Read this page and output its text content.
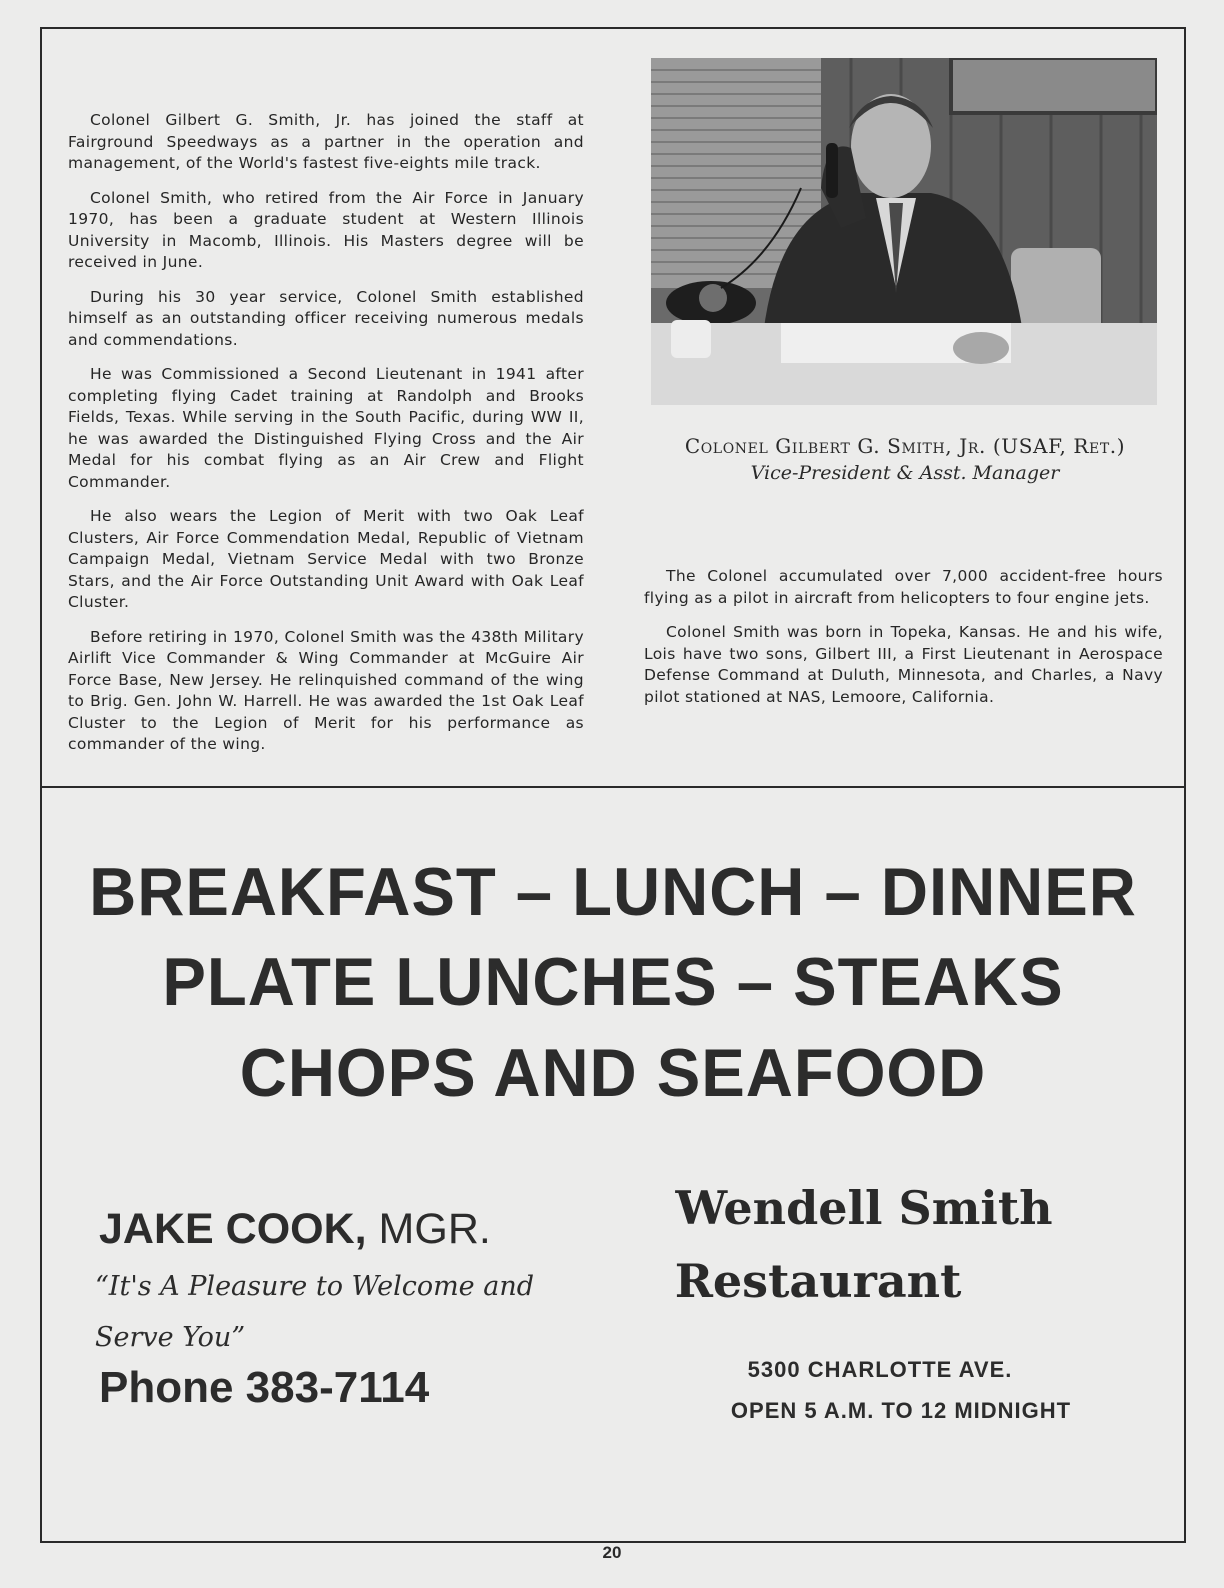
Colonel Gilbert G. Smith, Jr. has joined the staff at Fairground Speedways as a partner in the operation and management, of the World's fastest five-eights mile track.

Colonel Smith, who retired from the Air Force in January 1970, has been a graduate student at Western Illinois University in Macomb, Illinois. His Masters degree will be received in June.

During his 30 year service, Colonel Smith established himself as an outstanding officer receiving numerous medals and commendations.

He was Commissioned a Second Lieutenant in 1941 after completing flying Cadet training at Randolph and Brooks Fields, Texas. While serving in the South Pacific, during WW II, he was awarded the Distinguished Flying Cross and the Air Medal for his combat flying as an Air Crew and Flight Commander.

He also wears the Legion of Merit with two Oak Leaf Clusters, Air Force Commendation Medal, Republic of Vietnam Campaign Medal, Vietnam Service Medal with two Bronze Stars, and the Air Force Outstanding Unit Award with Oak Leaf Cluster.

Before retiring in 1970, Colonel Smith was the 438th Military Airlift Vice Commander & Wing Commander at McGuire Air Force Base, New Jersey. He relinquished command of the wing to Brig. Gen. John W. Harrell. He was awarded the 1st Oak Leaf Cluster to the Legion of Merit for his performance as commander of the wing.

Colonel Gilbert G. Smith, Jr. (USAF, Ret.)
Vice-President & Asst. Manager

The Colonel accumulated over 7,000 accident-free hours flying as a pilot in aircraft from helicopters to four engine jets.

Colonel Smith was born in Topeka, Kansas. He and his wife, Lois have two sons, Gilbert III, a First Lieutenant in Aerospace Defense Command at Duluth, Minnesota, and Charles, a Navy pilot stationed at NAS, Lemoore, California.

BREAKFAST – LUNCH – DINNER
PLATE LUNCHES – STEAKS
CHOPS AND SEAFOOD
JAKE COOK, MGR.
“It's A Pleasure to Welcome and Serve You”
Phone 383-7114
Wendell Smith
Restaurant
5300 CHARLOTTE AVE.
OPEN 5 A.M. TO 12 MIDNIGHT
20
